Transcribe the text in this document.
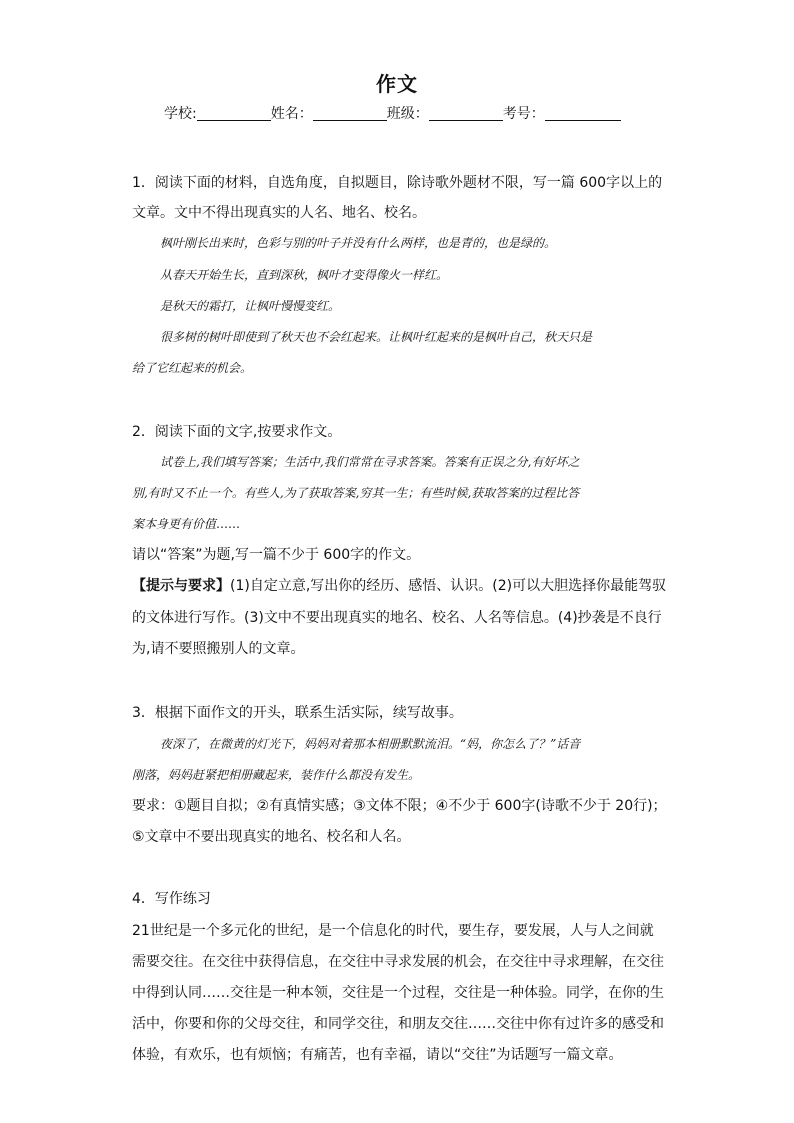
作文
学校:	姓名：	班级：	考号：
1．阅读下面的材料，自选角度，自拟题目，除诗歌外题材不限，写一篇 600字以上的
文章。文中不得出现真实的人名、地名、校名。
枫叶刚长出来时，色彩与别的叶子并没有什么两样，也是青的，也是绿的。
从春天开始生长，直到深秋，枫叶才变得像火一样红。
是秋天的霜打，让枫叶慢慢变红。
很多树的树叶即使到了秋天也不会红起来。让枫叶红起来的是枫叶自己，秋天只是
给了它红起来的机会。
2．阅读下面的文字,按要求作文。
试卷上,我们填写答案；生活中,我们常常在寻求答案。答案有正误之分,有好坏之
别,有时又不止一个。有些人,为了获取答案,穷其一生；有些时候,获取答案的过程比答
案本身更有价值……
请以“答案”为题,写一篇不少于 600字的作文。
【提示与要求】(1)自定立意,写出你的经历、感悟、认识。(2)可以大胆选择你最能驾驭
的文体进行写作。(3)文中不要出现真实的地名、校名、人名等信息。(4)抄袭是不良行
为,请不要照搬别人的文章。
3．根据下面作文的开头，联系生活实际，续写故事。
夜深了，在微黄的灯光下，妈妈对着那本相册默默流泪。“妈，你怎么了？”话音
刚落，妈妈赶紧把相册藏起来，装作什么都没有发生。
要求：①题目自拟；②有真情实感；③文体不限；④不少于 600字(诗歌不少于 20行)；
⑤文章中不要出现真实的地名、校名和人名。
4．写作练习
21世纪是一个多元化的世纪，是一个信息化的时代，要生存，要发展，人与人之间就
需要交往。在交往中获得信息，在交往中寻求发展的机会，在交往中寻求理解，在交往
中得到认同……交往是一种本领，交往是一个过程，交往是一种体验。同学，在你的生
活中，你要和你的父母交往，和同学交往，和朋友交往……交往中你有过许多的感受和
体验，有欢乐，也有烦恼；有痛苦，也有幸福，请以“交往”为话题写一篇文章。
